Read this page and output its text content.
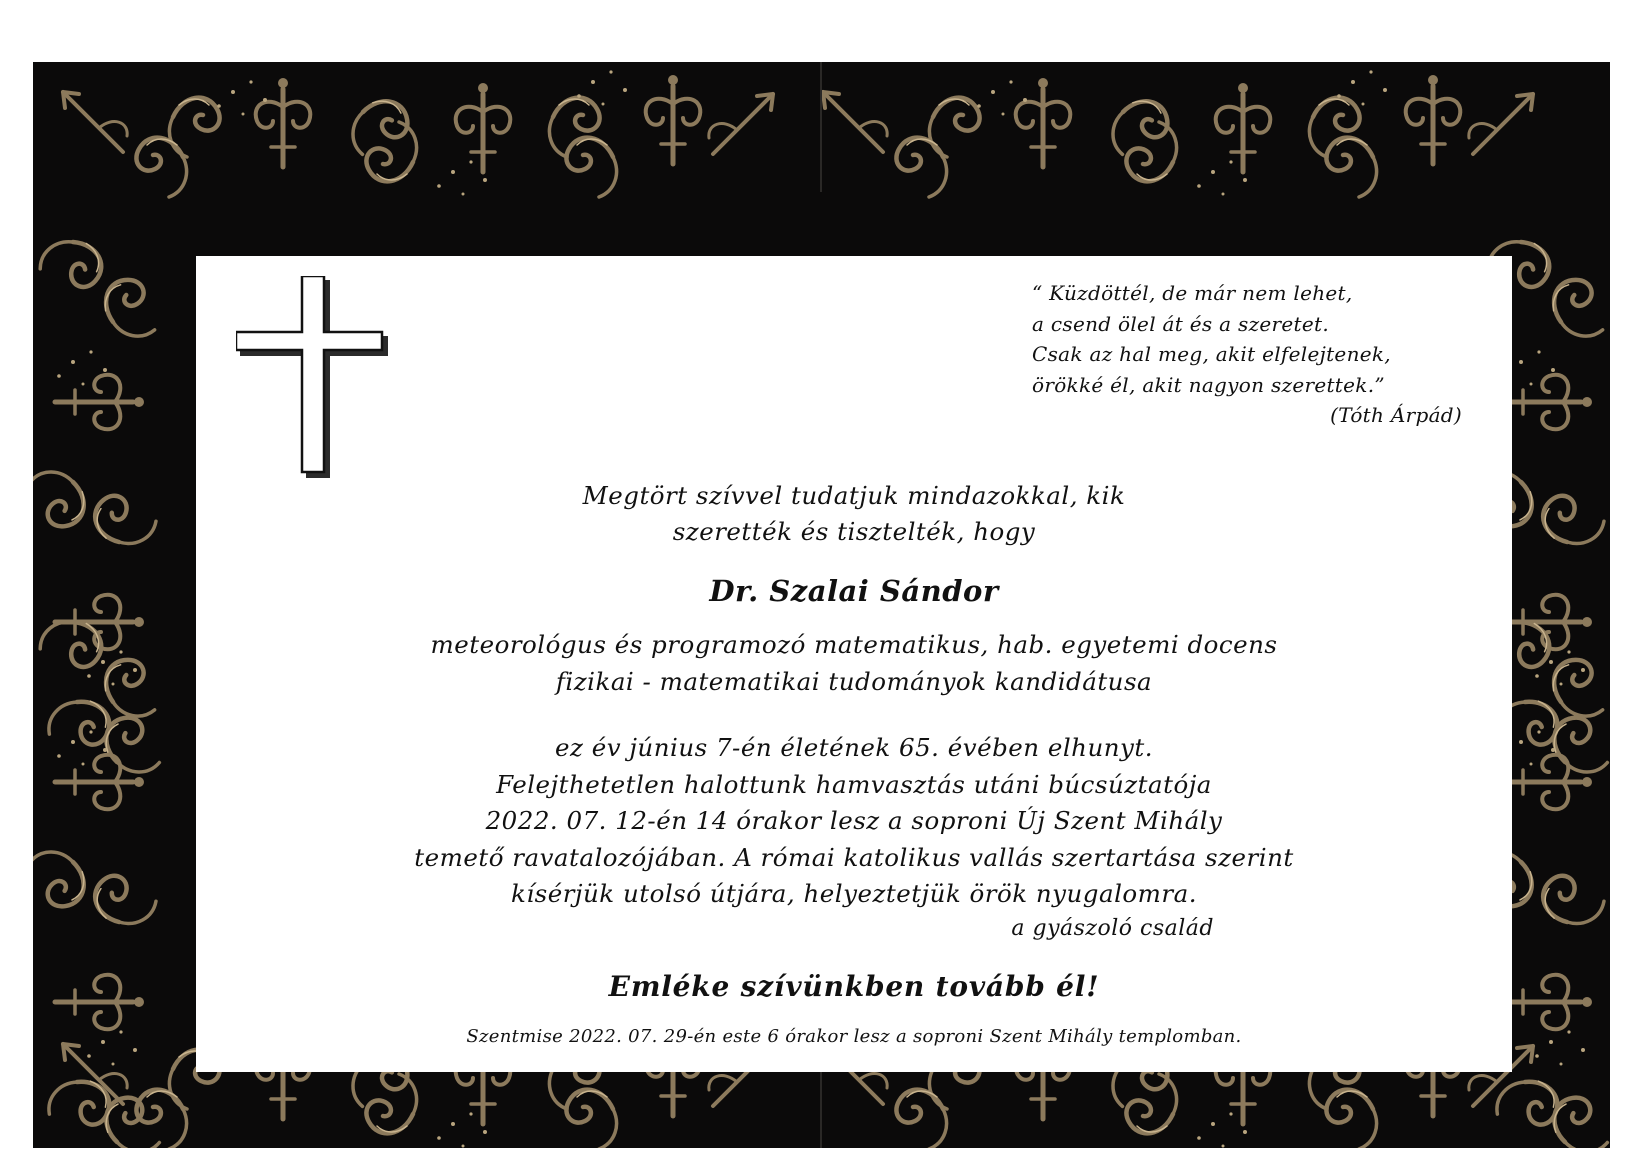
“ Küzdöttél, de már nem lehet,
a csend ölel át és a szeretet.
Csak az hal meg, akit elfelejtenek,
örökké él, akit nagyon szerettek.”
(Tóth Árpád)
Megtört szívvel tudatjuk mindazokkal, kik
szerették és tisztelték, hogy
Dr. Szalai Sándor
meteorológus és programozó matematikus, hab. egyetemi docens
fizikai - matematikai tudományok kandidátusa
ez év június 7-én életének 65. évében elhunyt.
Felejthetetlen halottunk hamvasztás utáni búcsúztatója
2022. 07. 12-én 14 órakor lesz a soproni Új Szent Mihály
temető ravatalozójában. A római katolikus vallás szertartása szerint
kísérjük utolsó útjára, helyeztetjük örök nyugalomra.
a gyászoló család
Emléke szívünkben tovább él!
Szentmise 2022. 07. 29-én este 6 órakor lesz a soproni Szent Mihály templomban.
